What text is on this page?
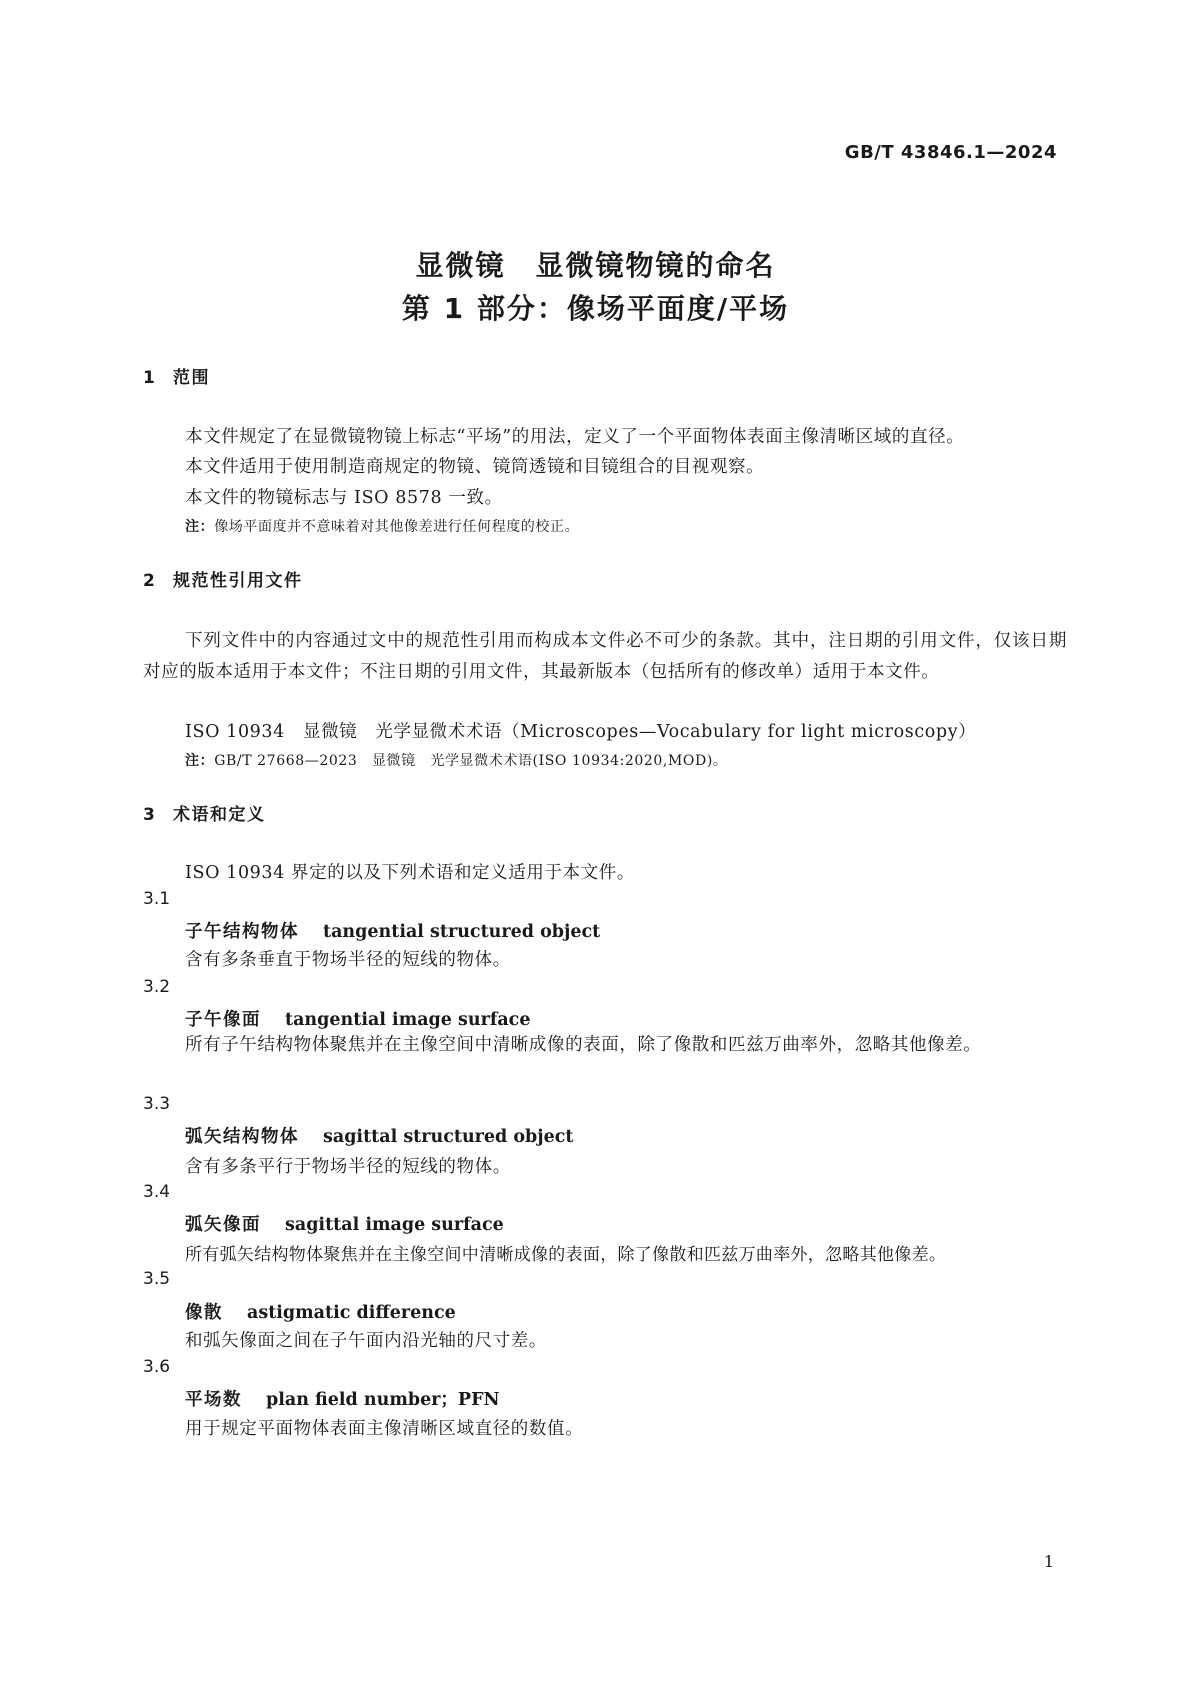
GB/T 43846.1—2024
显微镜　显微镜物镜的命名
第 1 部分：像场平面度/平场
1 范围
本文件规定了在显微镜物镜上标志“平场”的用法，定义了一个平面物体表面主像清晰区域的直径。
本文件适用于使用制造商规定的物镜、镜筒透镜和目镜组合的目视观察。
本文件的物镜标志与 ISO 8578 一致。
注：像场平面度并不意味着对其他像差进行任何程度的校正。
2 规范性引用文件
下列文件中的内容通过文中的规范性引用而构成本文件必不可少的条款。其中，注日期的引用文件，仅该日期对应的版本适用于本文件；不注日期的引用文件，其最新版本（包括所有的修改单）适用于本文件。
ISO 10934　显微镜　光学显微术术语（Microscopes—Vocabulary for light microscopy）
注：GB/T 27668—2023　显微镜　光学显微术术语(ISO 10934:2020,MOD)。
3 术语和定义
ISO 10934 界定的以及下列术语和定义适用于本文件。
3.1
子午结构物体 tangential structured object
含有多条垂直于物场半径的短线的物体。
3.2
子午像面 tangential image surface
所有子午结构物体聚焦并在主像空间中清晰成像的表面，除了像散和匹兹万曲率外，忽略其他像差。
3.3
弧矢结构物体 sagittal structured object
含有多条平行于物场半径的短线的物体。
3.4
弧矢像面 sagittal image surface
所有弧矢结构物体聚焦并在主像空间中清晰成像的表面，除了像散和匹兹万曲率外，忽略其他像差。
3.5
像散 astigmatic difference
和弧矢像面之间在子午面内沿光轴的尺寸差。
3.6
平场数 plan field number；PFN
用于规定平面物体表面主像清晰区域直径的数值。
1
